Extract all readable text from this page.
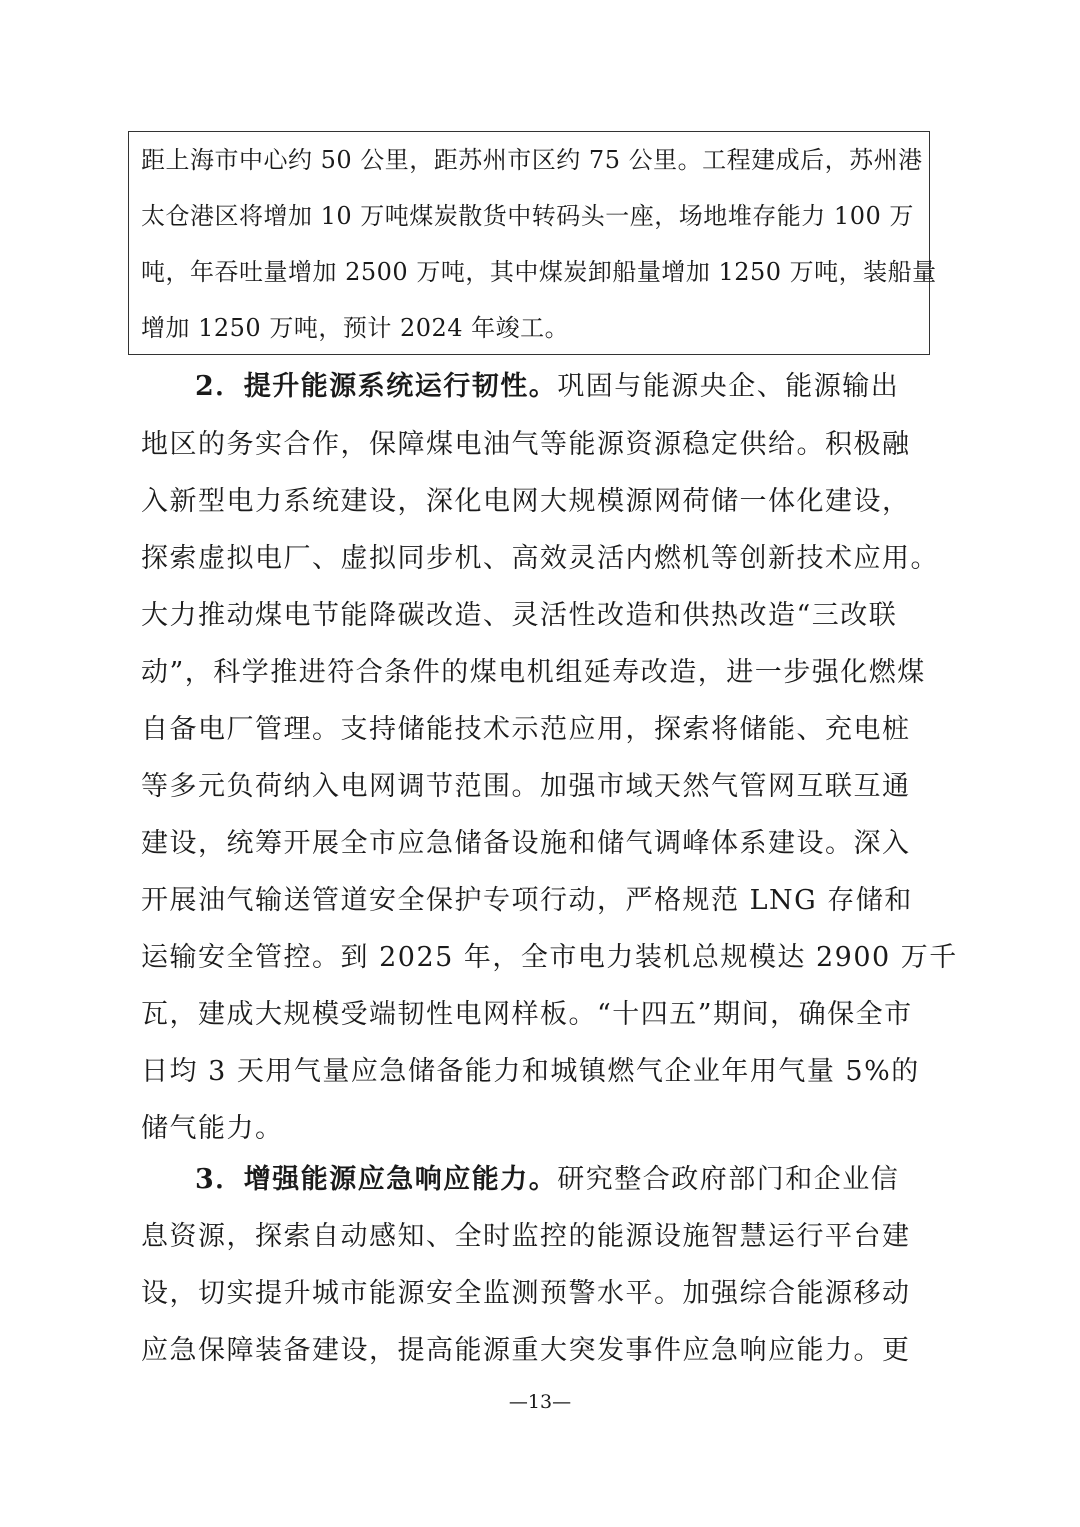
距上海市中心约 50 公里，距苏州市区约 75 公里。工程建成后，苏州港
太仓港区将增加 10 万吨煤炭散货中转码头一座，场地堆存能力 100 万
吨，年吞吐量增加 2500 万吨，其中煤炭卸船量增加 1250 万吨，装船量
增加 1250 万吨，预计 2024 年竣工。
2．提升能源系统运行韧性。巩固与能源央企、能源输出
地区的务实合作，保障煤电油气等能源资源稳定供给。积极融
入新型电力系统建设，深化电网大规模源网荷储一体化建设，
探索虚拟电厂、虚拟同步机、高效灵活内燃机等创新技术应用。
大力推动煤电节能降碳改造、灵活性改造和供热改造“三改联
动”，科学推进符合条件的煤电机组延寿改造，进一步强化燃煤
自备电厂管理。支持储能技术示范应用，探索将储能、充电桩
等多元负荷纳入电网调节范围。加强市域天然气管网互联互通
建设，统筹开展全市应急储备设施和储气调峰体系建设。深入
开展油气输送管道安全保护专项行动，严格规范 LNG 存储和
运输安全管控。到 2025 年，全市电力装机总规模达 2900 万千
瓦，建成大规模受端韧性电网样板。“十四五”期间，确保全市
日均 3 天用气量应急储备能力和城镇燃气企业年用气量 5%的
储气能力。
3．增强能源应急响应能力。研究整合政府部门和企业信
息资源，探索自动感知、全时监控的能源设施智慧运行平台建
设，切实提升城市能源安全监测预警水平。加强综合能源移动
应急保障装备建设，提高能源重大突发事件应急响应能力。更
—13—
